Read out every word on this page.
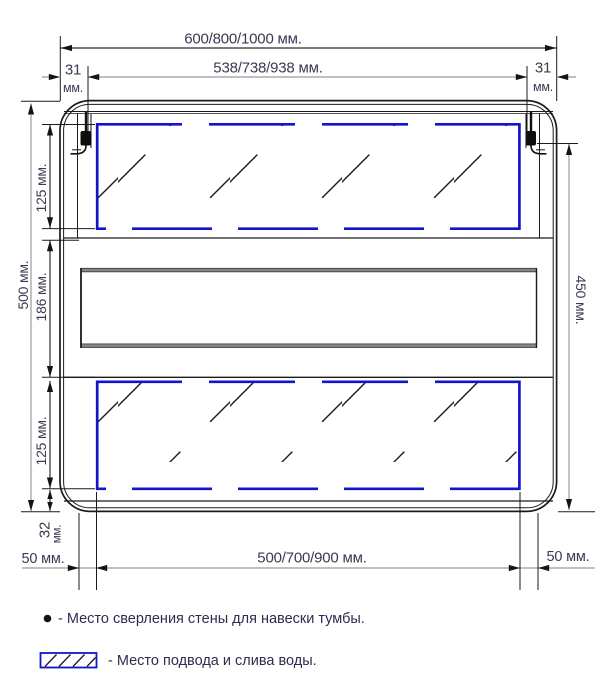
600/800/1000 мм.
538/738/938 мм.
31
мм.
31
мм.
500 мм.
125 мм.
186 мм.
125 мм.
32
мм.
450 мм.
500/700/900 мм.
50 мм.	50 мм.
- Место сверления стены для навески тумбы.
- Место подвода и слива воды.
